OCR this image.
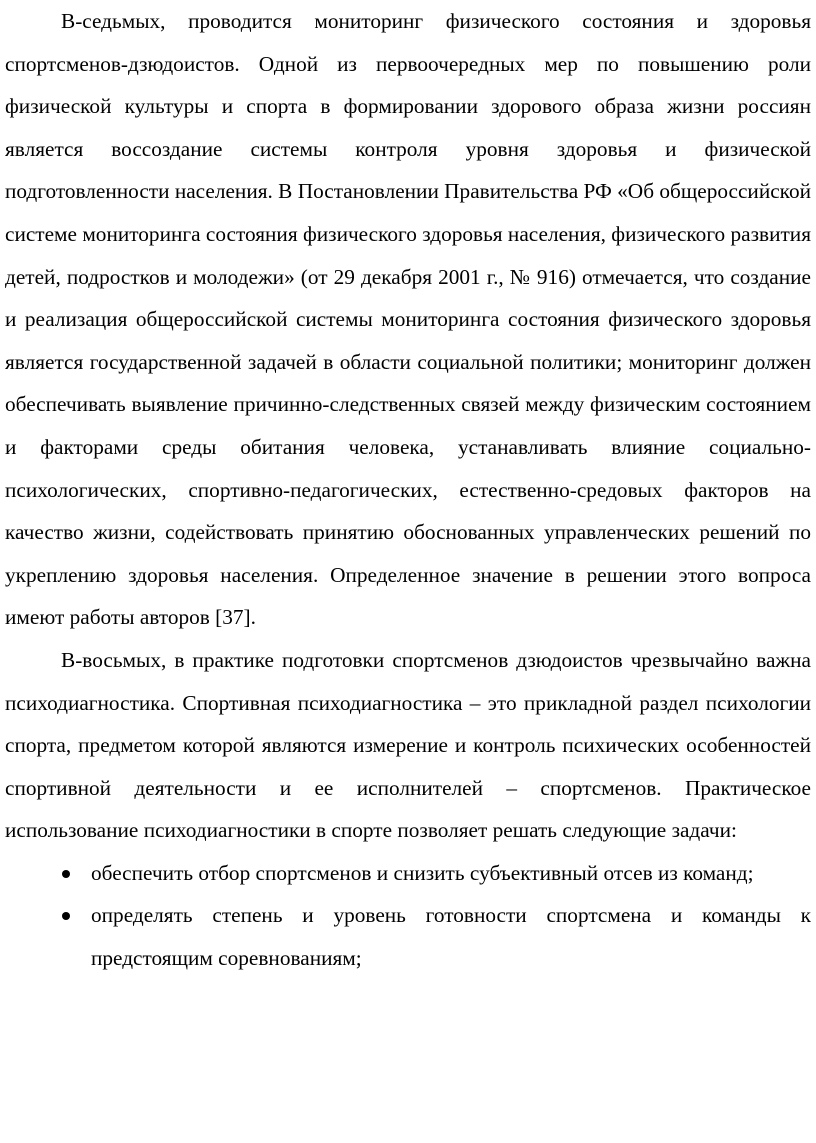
В-седьмых, проводится мониторинг физического состояния и здоровья спортсменов-дзюдоистов. Одной из первоочередных мер по повышению роли физической культуры и спорта в формировании здорового образа жизни россиян является воссоздание системы контроля уровня здоровья и физической подготовленности населения. В Постановлении Правительства РФ «Об общероссийской системе мониторинга состояния физического здоровья населения, физического развития детей, подростков и молодежи» (от 29 декабря 2001 г., № 916) отмечается, что создание и реализация общероссийской системы мониторинга состояния физического здоровья является государственной задачей в области социальной политики; мониторинг должен обеспечивать выявление причинно-следственных связей между физическим состоянием и факторами среды обитания человека, устанавливать влияние социально-психологических, спортивно-педагогических, естественно-средовых факторов на качество жизни, содействовать принятию обоснованных управленческих решений по укреплению здоровья населения. Определенное значение в решении этого вопроса имеют работы авторов [37].

В-восьмых, в практике подготовки спортсменов дзюдоистов чрезвычайно важна психодиагностика. Спортивная психодиагностика – это прикладной раздел психологии спорта, предметом которой являются измерение и контроль психических особенностей спортивной деятельности и ее исполнителей – спортсменов. Практическое использование психодиагностики в спорте позволяет решать следующие задачи:

обеспечить отбор спортсменов и снизить субъективный отсев из команд;
определять степень и уровень готовности спортсмена и команды к предстоящим соревнованиям;
